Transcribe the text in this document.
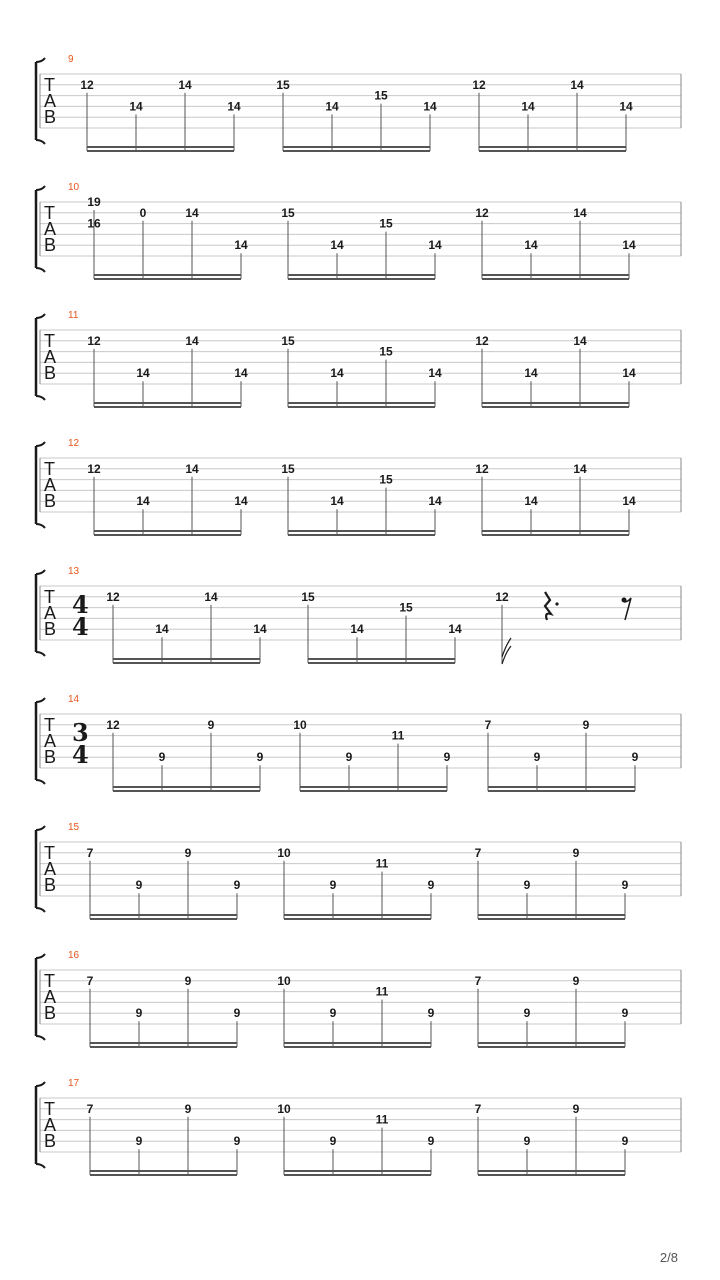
9
T
A
B
12
14
14
14
15
14
15
14
12
14
14
14
10
T
A
B
19
16
0	14
14
15
14
15
14
12
14
14
14
11
T
A
B
12
14
14
14
15
14
15
14
12
14
14
14
12
T
A
B
12
14
14
14
15
14
15
14
12
14
14
14
13
T
A
B
4
4
12
14
14
14
15
14
15
14
12
14
T
A
B
3
4
12
9
9
9
10
9
11
9
7
9
9
9
15
T
A
B
7
9
9
9
10
9
11
9
7
9
9
9
16
T
A
B
7
9
9
9
10
9
11
9
7
9
9
9
17
T
A
B
7
9
9
9
10
9
11
9
7
9
9
9
2/8
